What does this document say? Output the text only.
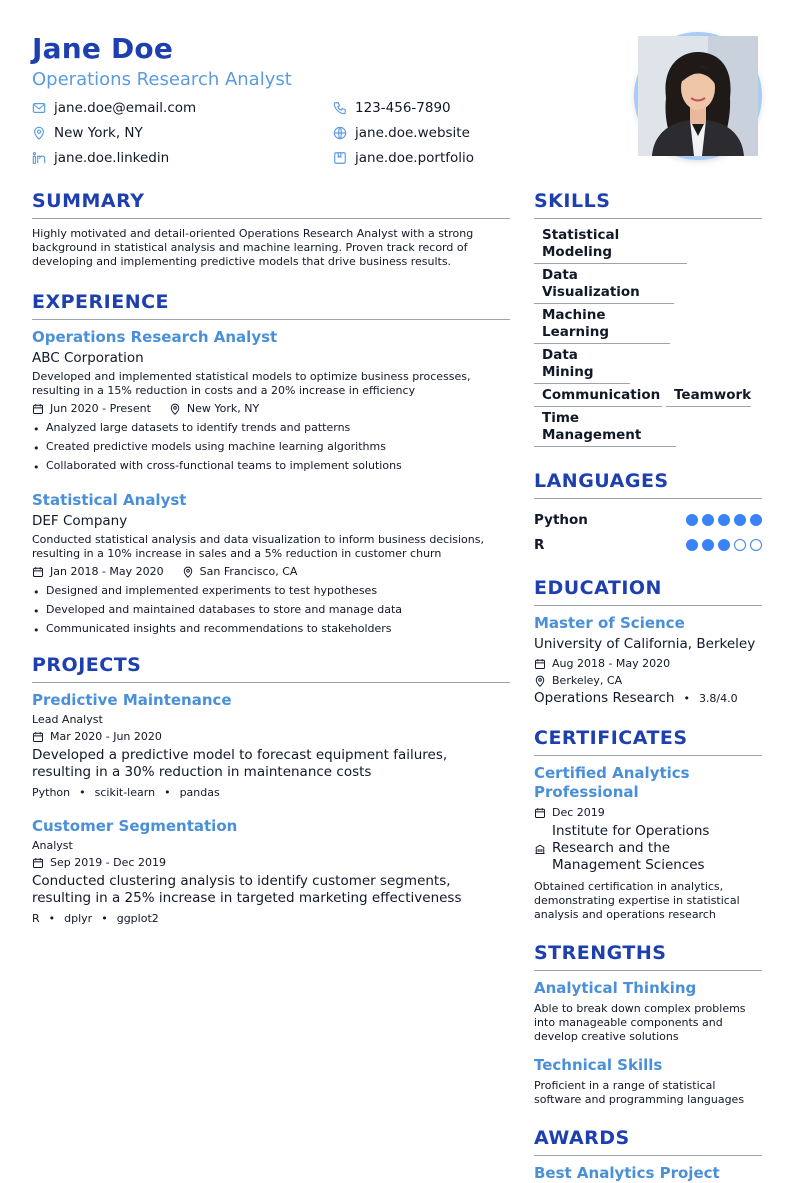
Jane Doe
Operations Research Analyst
jane.doe@email.com	123-456-7890
New York, NY	jane.doe.website
jane.doe.linkedin	jane.doe.portfolio
SUMMARY
Highly motivated and detail-oriented Operations Research Analyst with a strong background in statistical analysis and machine learning. Proven track record of developing and implementing predictive models that drive business results.
EXPERIENCE
Operations Research Analyst
ABC Corporation
Developed and implemented statistical models to optimize business processes, resulting in a 15% reduction in costs and a 20% increase in efficiency
Jun 2020 - Present	New York, NY
• Analyzed large datasets to identify trends and patterns
• Created predictive models using machine learning algorithms
• Collaborated with cross-functional teams to implement solutions
Statistical Analyst
DEF Company
Conducted statistical analysis and data visualization to inform business decisions, resulting in a 10% increase in sales and a 5% reduction in customer churn
Jan 2018 - May 2020	San Francisco, CA
• Designed and implemented experiments to test hypotheses
• Developed and maintained databases to store and manage data
• Communicated insights and recommendations to stakeholders
PROJECTS
Predictive Maintenance
Lead Analyst
Mar 2020 - Jun 2020
Developed a predictive model to forecast equipment failures, resulting in a 30% reduction in maintenance costs
Python • scikit-learn • pandas
Customer Segmentation
Analyst
Sep 2019 - Dec 2019
Conducted clustering analysis to identify customer segments, resulting in a 25% increase in targeted marketing effectiveness
R • dplyr • ggplot2
SKILLS
Statistical Modeling
Data Visualization
Machine Learning
Data Mining
Communication	Teamwork
Time Management
LANGUAGES
Python
R
EDUCATION
Master of Science
University of California, Berkeley
Aug 2018 - May 2020
Berkeley, CA
Operations Research • 3.8/4.0
CERTIFICATES
Certified Analytics Professional
Dec 2019
Institute for Operations Research and the Management Sciences
Obtained certification in analytics, demonstrating expertise in statistical analysis and operations research
STRENGTHS
Analytical Thinking
Able to break down complex problems into manageable components and develop creative solutions
Technical Skills
Proficient in a range of statistical software and programming languages
AWARDS
Best Analytics Project
